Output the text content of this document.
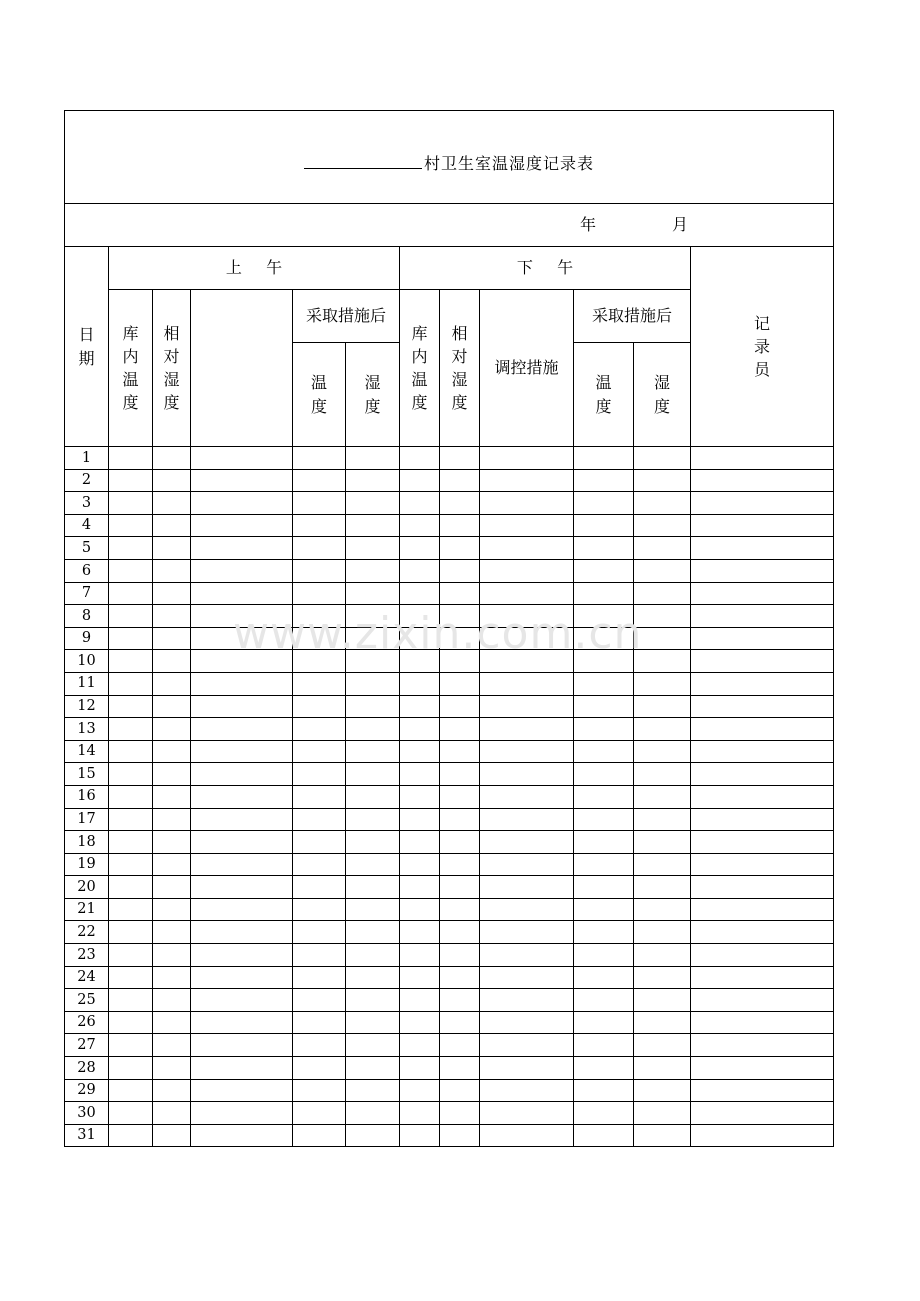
村卫生室温湿度记录表											
年 月											
日期	上 午					下 午					记录员
	库内温度	相对湿度		采取措施后		库内温度	相对湿度	调控措施	采取措施后		
				温度	湿度				温度	湿度	
1											
2											
3											
4											
5											
6											
7											
8											
9											
10											
11											
12											
13											
14											
15											
16											
17											
18											
19											
20											
21											
22											
23											
24											
25											
26											
27											
28											
29											
30											
31											
www.zixin.com.cn
